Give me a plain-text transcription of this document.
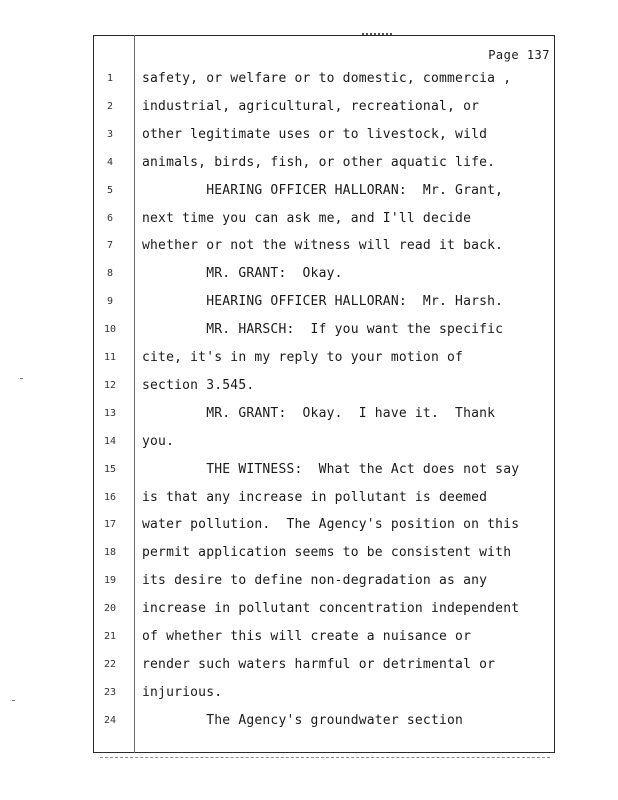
Page 137
1	safety, or welfare or to domestic, commercia ,
2	industrial, agricultural, recreational, or
3	other legitimate uses or to livestock, wild
4	animals, birds, fish, or other aquatic life.
5	HEARING OFFICER HALLORAN:  Mr. Grant,
6	next time you can ask me, and I'll decide
7	whether or not the witness will read it back.
8	MR. GRANT:  Okay.
9	HEARING OFFICER HALLORAN:  Mr. Harsh.
10	MR. HARSCH:  If you want the specific
11	cite, it's in my reply to your motion of
12	section 3.545.
13	MR. GRANT:  Okay.  I have it.  Thank
14	you.
15	THE WITNESS:  What the Act does not say
16	is that any increase in pollutant is deemed
17	water pollution.  The Agency's position on this
18	permit application seems to be consistent with
19	its desire to define non-degradation as any
20	increase in pollutant concentration independent
21	of whether this will create a nuisance or
22	render such waters harmful or detrimental or
23	injurious.
24	The Agency's groundwater section
